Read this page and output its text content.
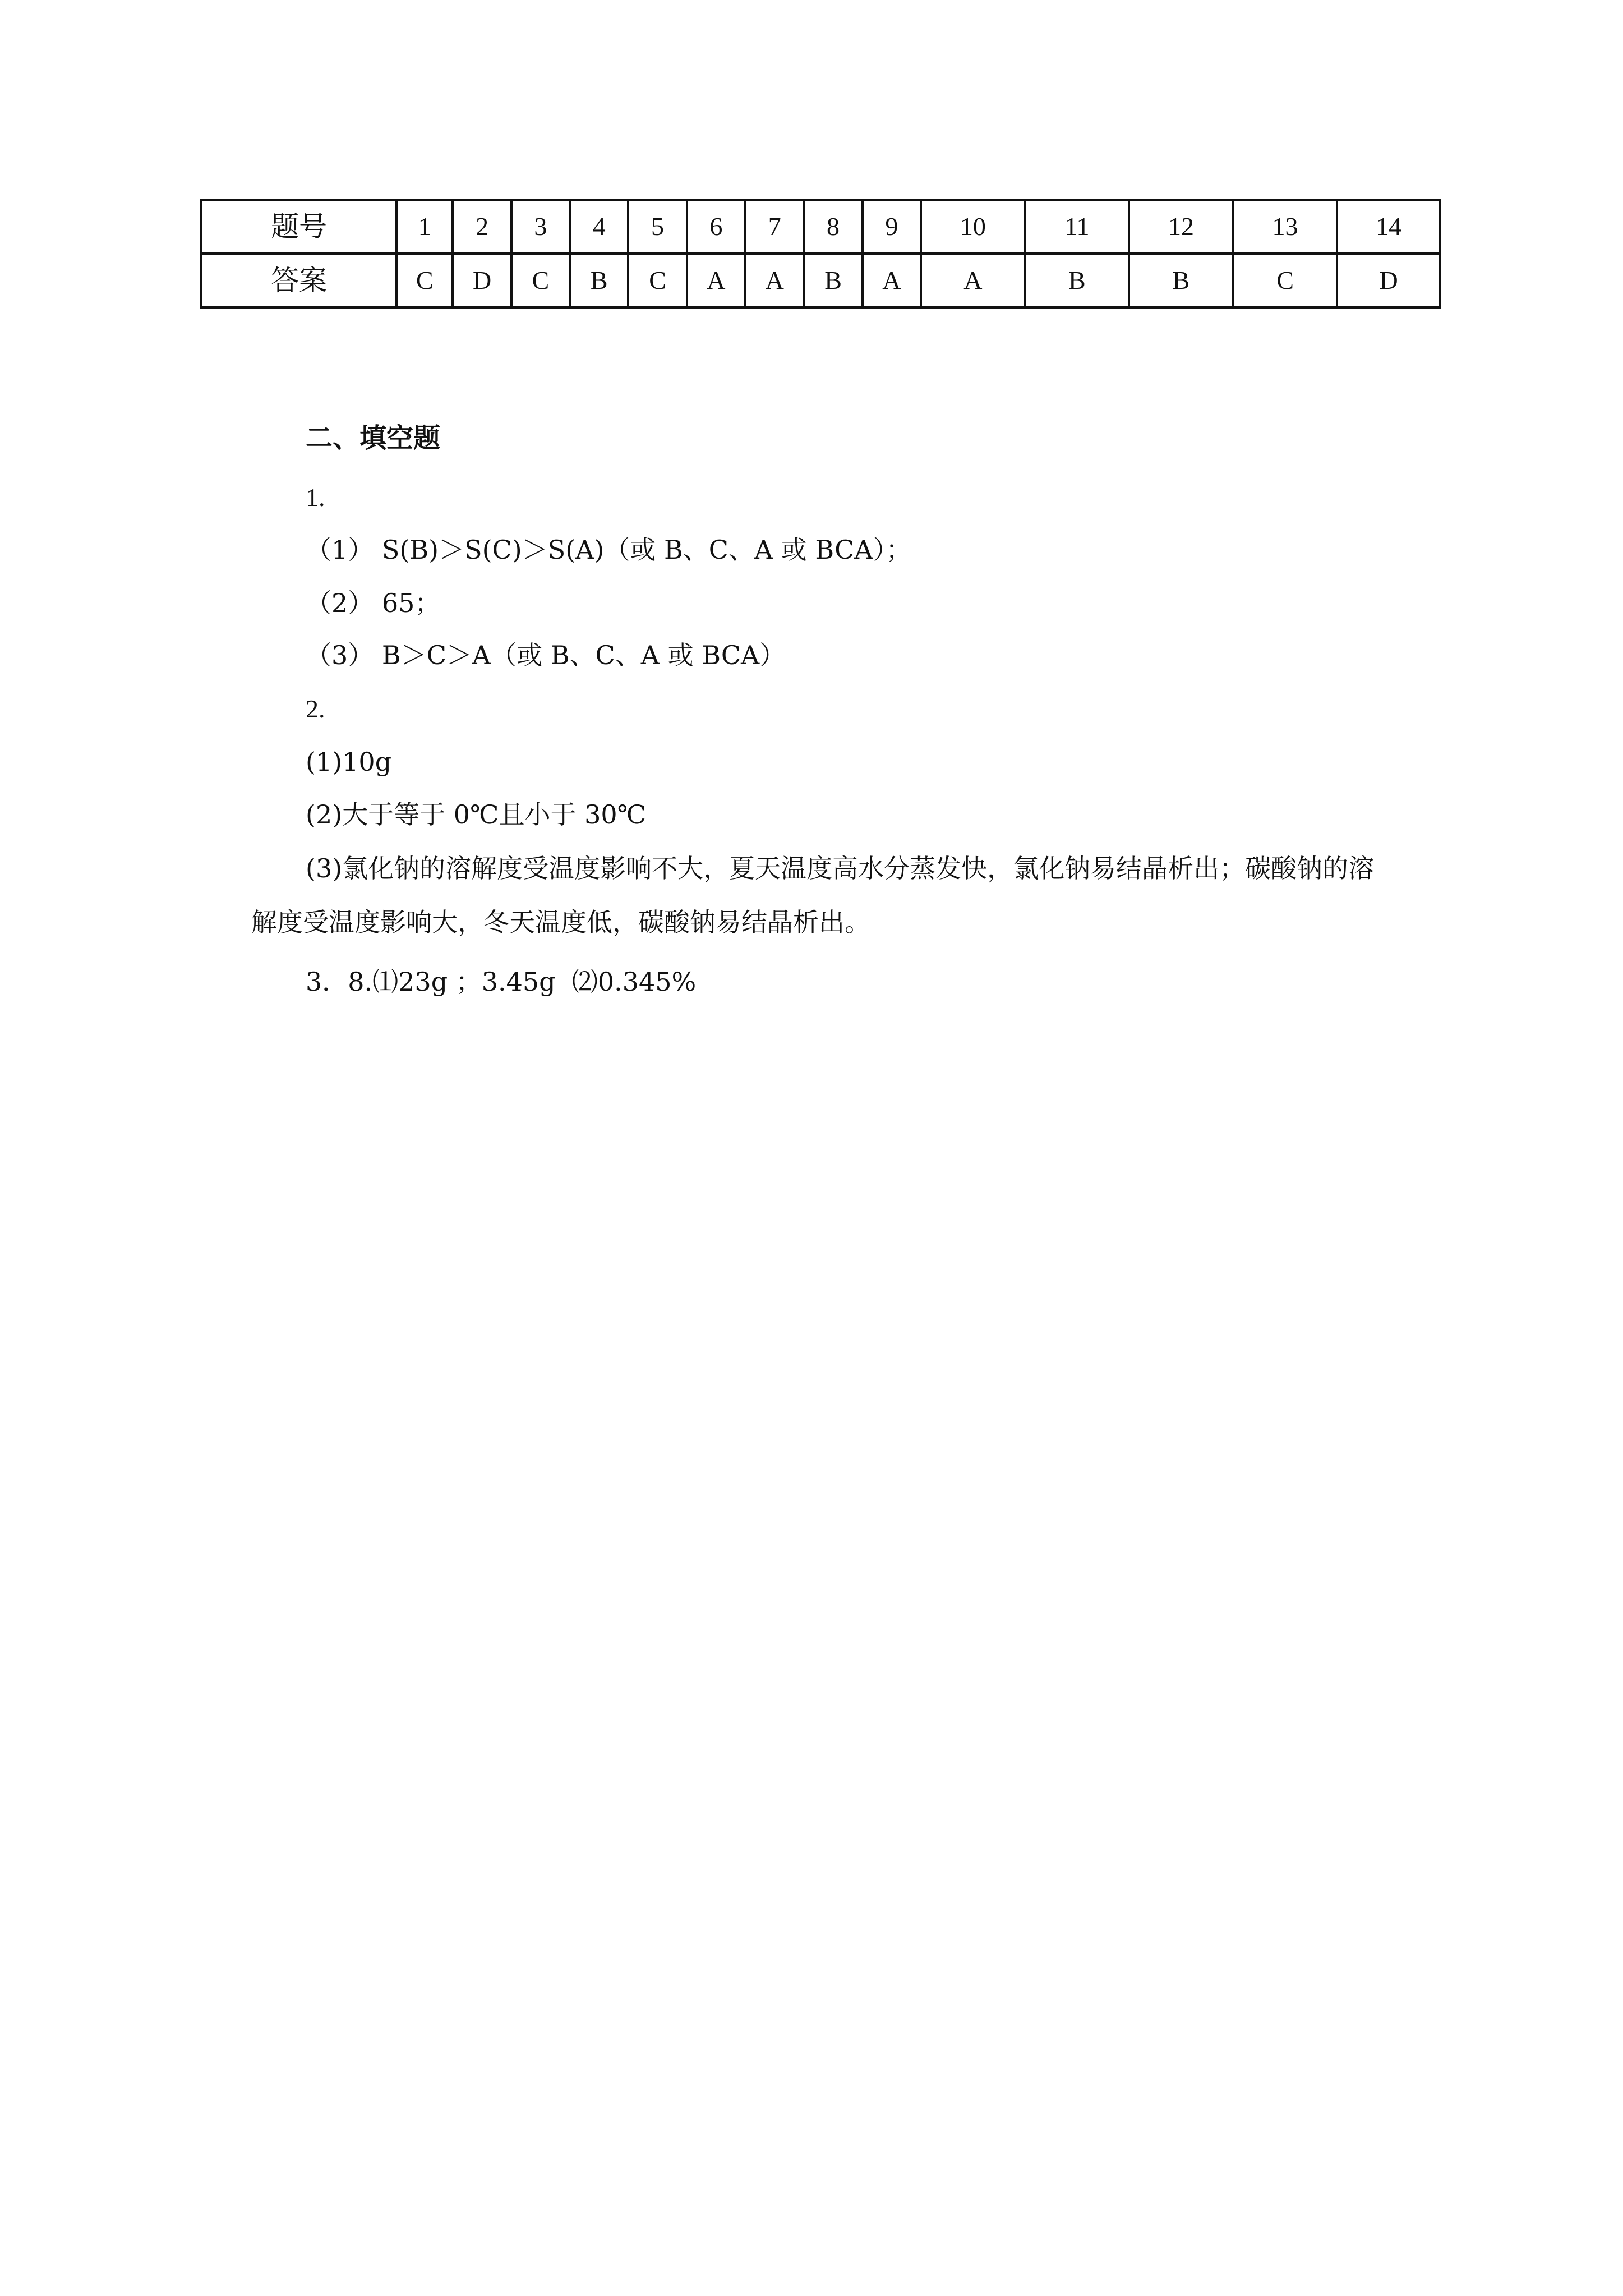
题号	1	2	3	4	5	6	7	8	9	10	11	12	13	14
答案	C	D	C	B	C	A	A	B	A	A	B	B	C	D
二、填空题
1.
（1） S(B)＞S(C)＞S(A)（或 B、C、A 或 BCA）；
（2） 65；
（3） B＞C＞A（或 B、C、A 或 BCA）
2.
(1)10g
(2)大于等于 0℃且小于 30℃
(3)氯化钠的溶解度受温度影响不大，夏天温度高水分蒸发快，氯化钠易结晶析出；碳酸钠的溶解度受温度影响大，冬天温度低，碳酸钠易结晶析出。
3．8.⑴23g ；3.45g  ⑵0.345%
